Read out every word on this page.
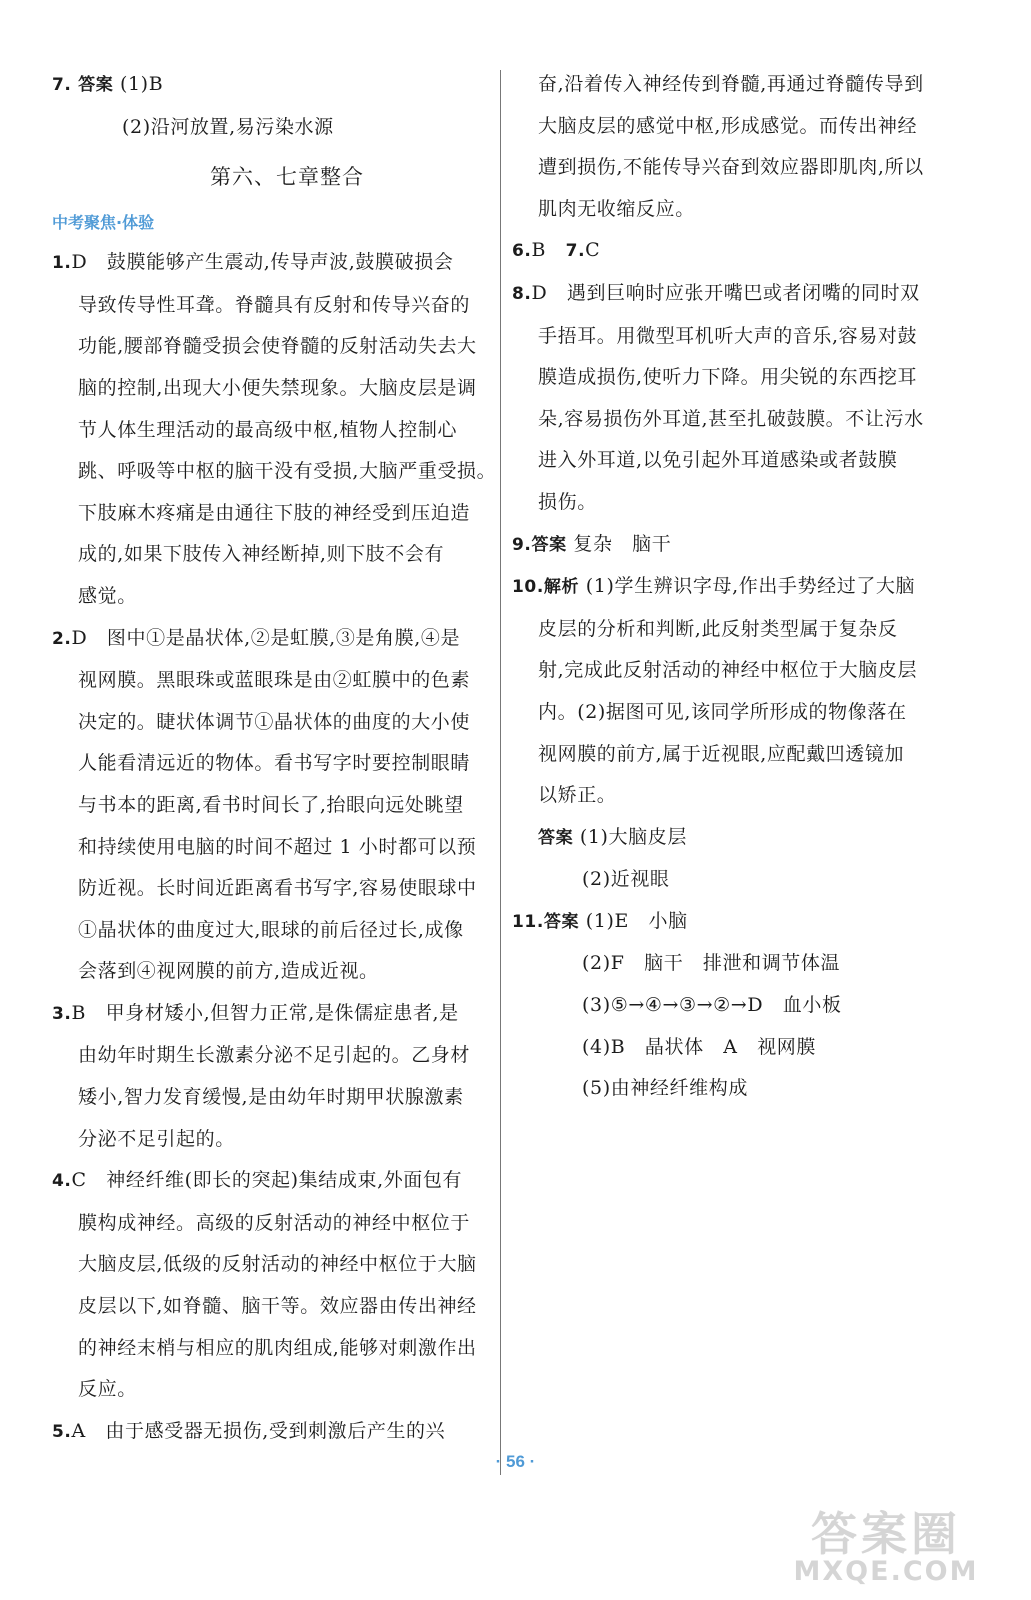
7. 答案 (1)B
(2)沿河放置,易污染水源
第六、七章整合
中考聚焦·体验
1.D　鼓膜能够产生震动,传导声波,鼓膜破损会
导致传导性耳聋。脊髓具有反射和传导兴奋的
功能,腰部脊髓受损会使脊髓的反射活动失去大
脑的控制,出现大小便失禁现象。大脑皮层是调
节人体生理活动的最高级中枢,植物人控制心
跳、呼吸等中枢的脑干没有受损,大脑严重受损。
下肢麻木疼痛是由通往下肢的神经受到压迫造
成的,如果下肢传入神经断掉,则下肢不会有
感觉。
2.D　图中①是晶状体,②是虹膜,③是角膜,④是
视网膜。黑眼珠或蓝眼珠是由②虹膜中的色素
决定的。睫状体调节①晶状体的曲度的大小使
人能看清远近的物体。看书写字时要控制眼睛
与书本的距离,看书时间长了,抬眼向远处眺望
和持续使用电脑的时间不超过 1 小时都可以预
防近视。长时间近距离看书写字,容易使眼球中
①晶状体的曲度过大,眼球的前后径过长,成像
会落到④视网膜的前方,造成近视。
3.B　甲身材矮小,但智力正常,是侏儒症患者,是
由幼年时期生长激素分泌不足引起的。乙身材
矮小,智力发育缓慢,是由幼年时期甲状腺激素
分泌不足引起的。
4.C　神经纤维(即长的突起)集结成束,外面包有
膜构成神经。高级的反射活动的神经中枢位于
大脑皮层,低级的反射活动的神经中枢位于大脑
皮层以下,如脊髓、脑干等。效应器由传出神经
的神经末梢与相应的肌肉组成,能够对刺激作出
反应。
5.A　由于感受器无损伤,受到刺激后产生的兴
奋,沿着传入神经传到脊髓,再通过脊髓传导到
大脑皮层的感觉中枢,形成感觉。而传出神经
遭到损伤,不能传导兴奋到效应器即肌肉,所以
肌肉无收缩反应。
6.B　 7.C
8.D　遇到巨响时应张开嘴巴或者闭嘴的同时双
手捂耳。用微型耳机听大声的音乐,容易对鼓
膜造成损伤,使听力下降。用尖锐的东西挖耳
朵,容易损伤外耳道,甚至扎破鼓膜。不让污水
进入外耳道,以免引起外耳道感染或者鼓膜
损伤。
9.答案 复杂　脑干
10.解析 (1)学生辨识字母,作出手势经过了大脑
皮层的分析和判断,此反射类型属于复杂反
射,完成此反射活动的神经中枢位于大脑皮层
内。(2)据图可见,该同学所形成的物像落在
视网膜的前方,属于近视眼,应配戴凹透镜加
以矫正。
答案 (1)大脑皮层
(2)近视眼
11.答案 (1)E　小脑
(2)F　脑干　排泄和调节体温
(3)⑤→④→③→②→D　血小板
(4)B　晶状体　A　视网膜
(5)由神经纤维构成
· 56 ·
答案圈
MXQE.COM
